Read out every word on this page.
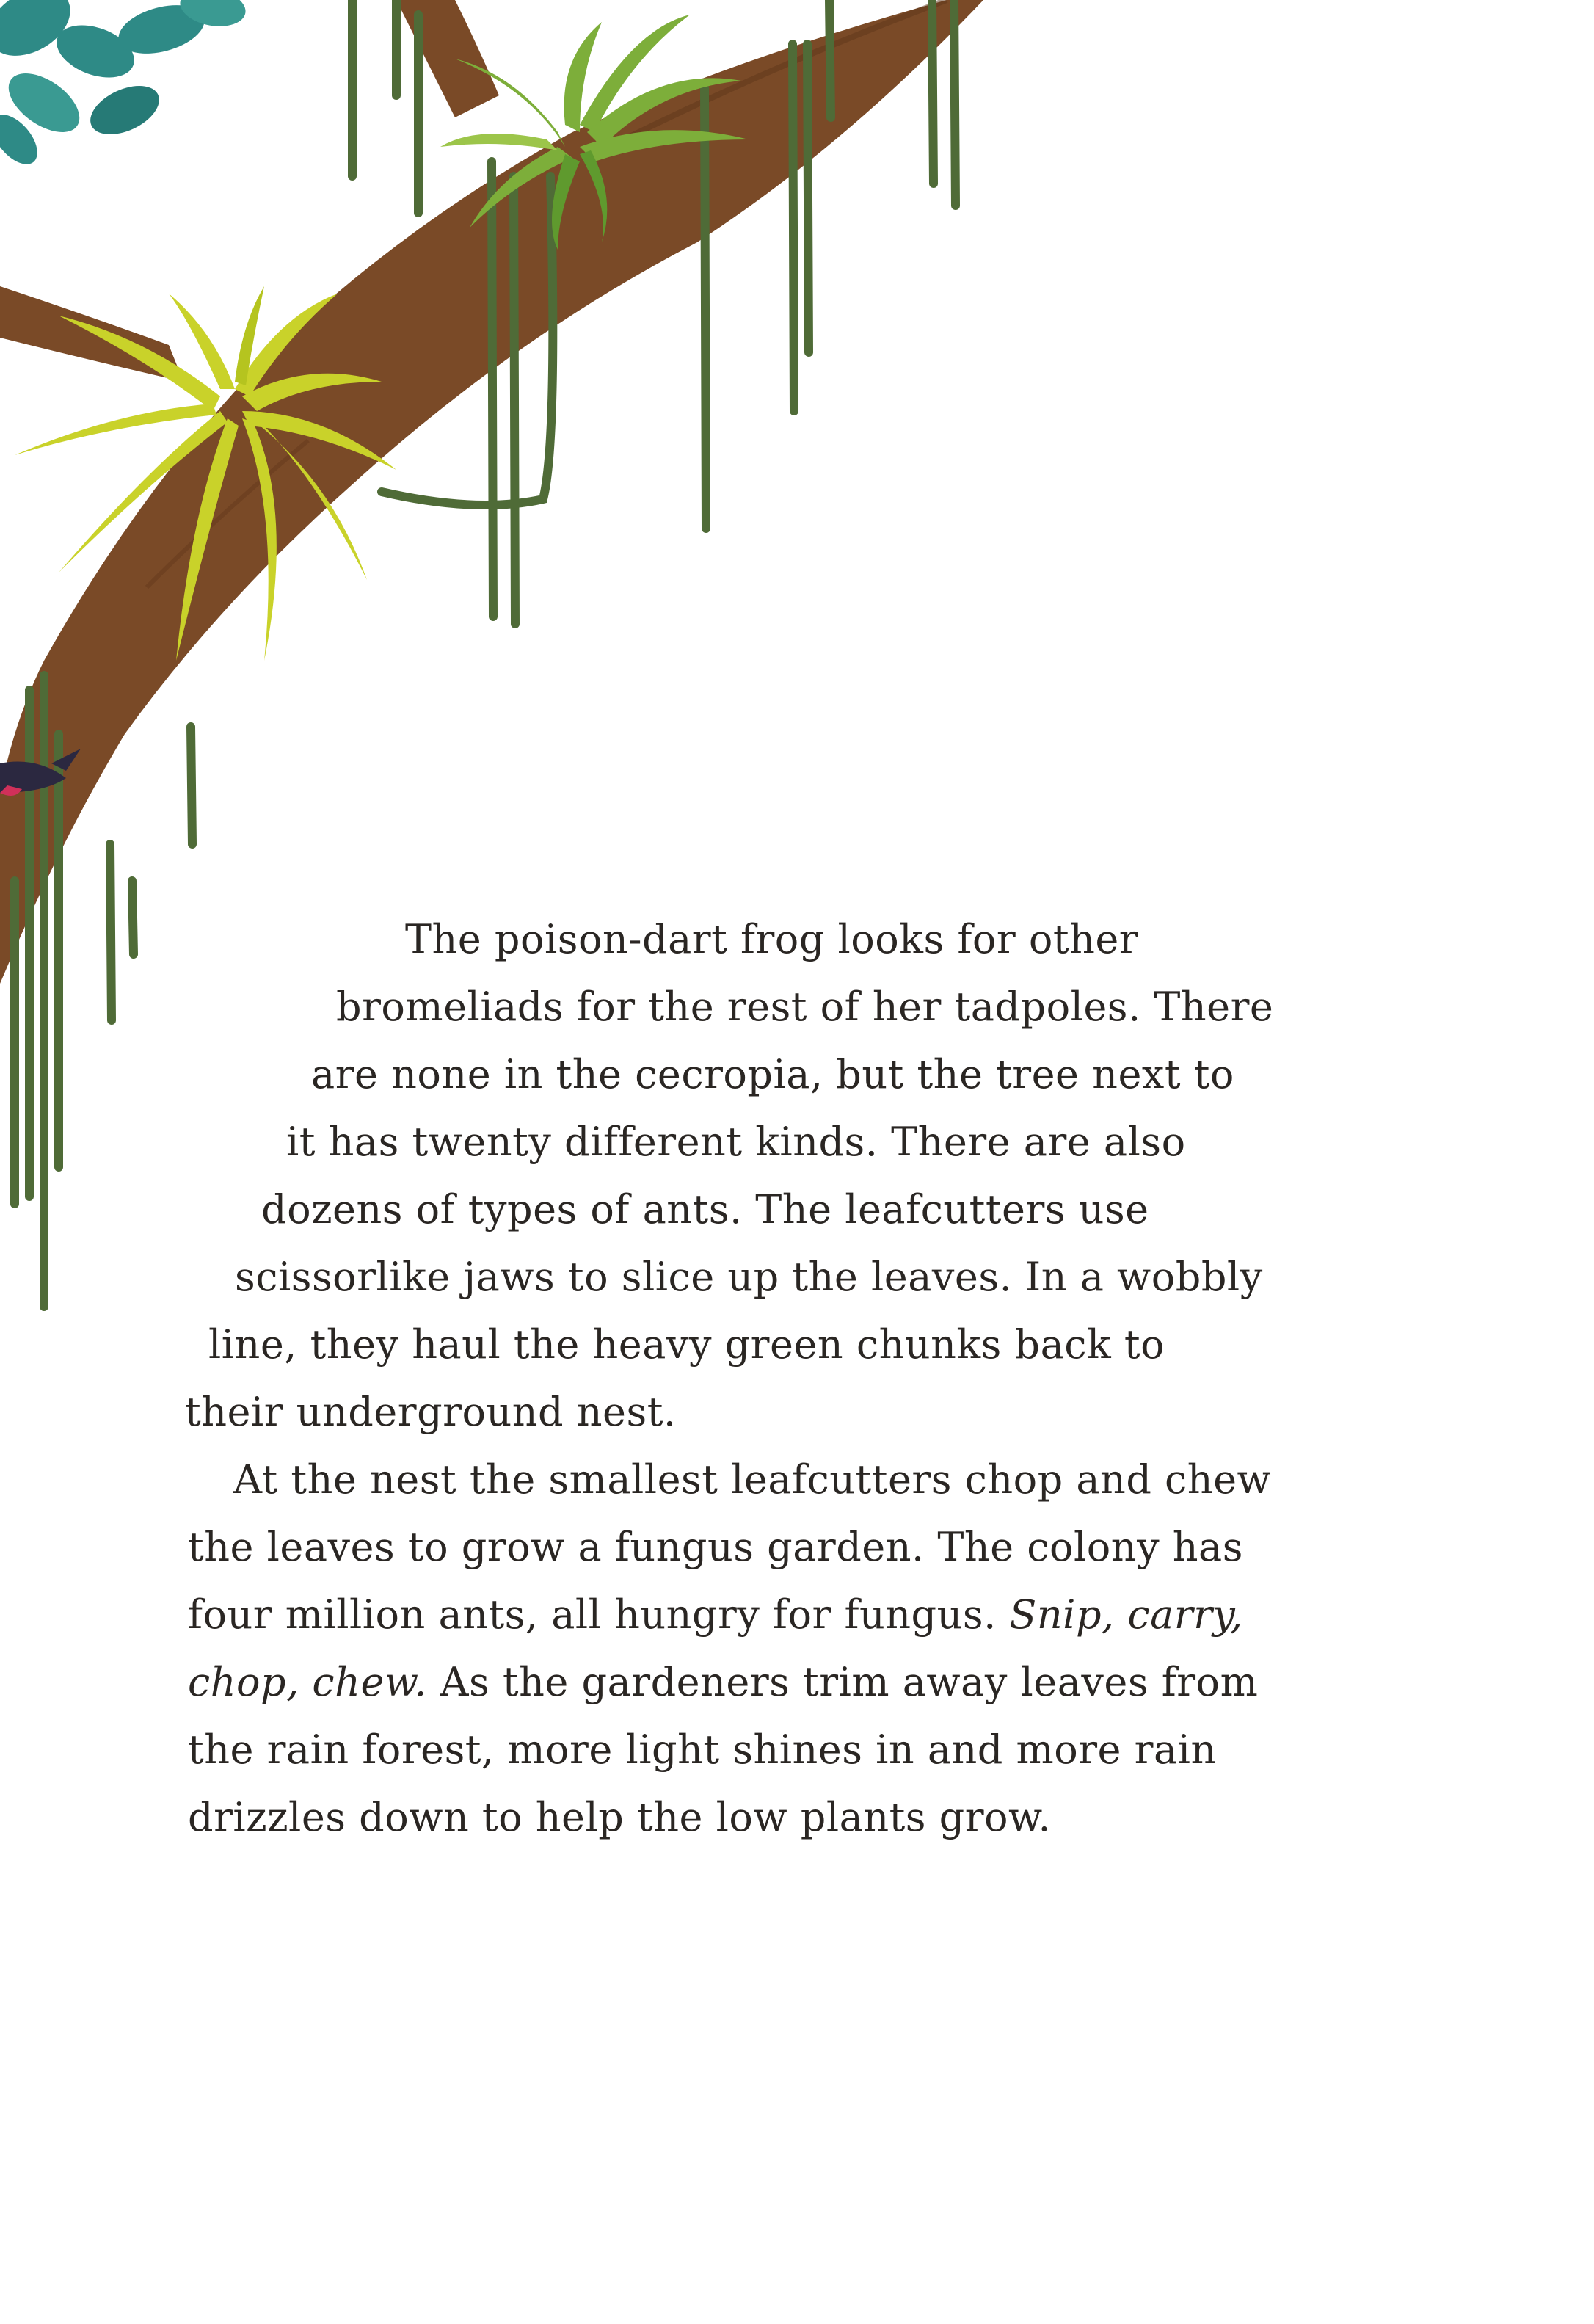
The poison-dart frog looks for other

bromeliads for the rest of her tadpoles. There

are none in the cecropia, but the tree next to

it has twenty different kinds. There are also

dozens of types of ants. The leafcutters use

scissorlike jaws to slice up the leaves. In a wobbly

line, they haul the heavy green chunks back to

their underground nest.

At the nest the smallest leafcutters chop and chew

the leaves to grow a fungus garden. The colony has

four million ants, all hungry for fungus. Snip, carry,

chop, chew. As the gardeners trim away leaves from

the rain forest, more light shines in and more rain

drizzles down to help the low plants grow.
